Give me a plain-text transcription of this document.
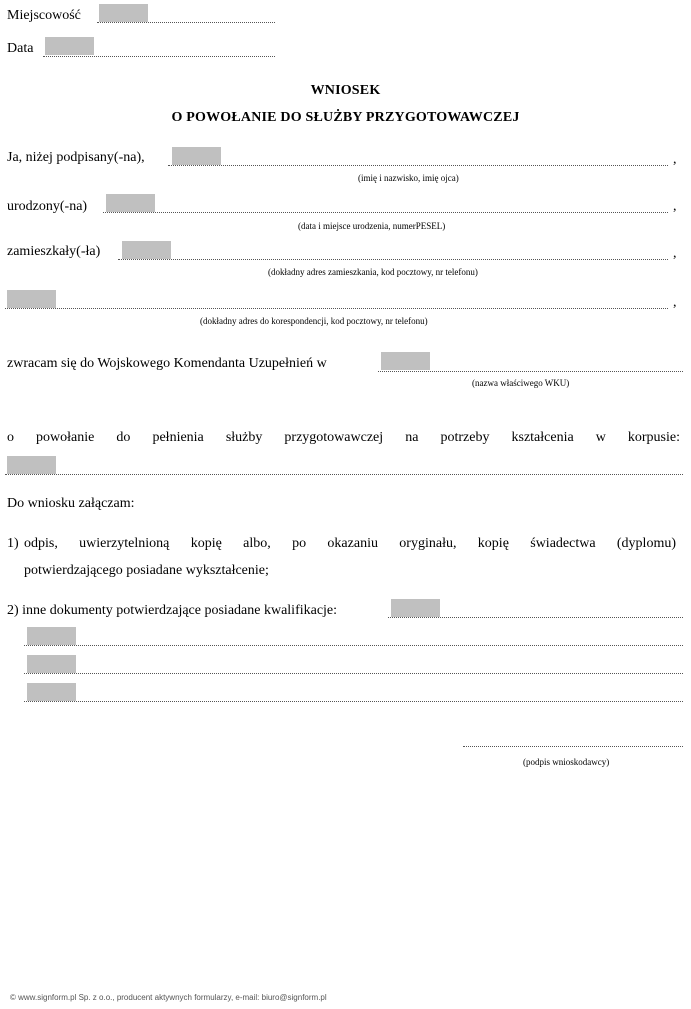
Miejscowość
Data
WNIOSEK
O POWOŁANIE DO SŁUŻBY PRZYGOTOWAWCZEJ
Ja, niżej podpisany(-na),	,
(imię i nazwisko, imię ojca)
urodzony(-na)	,
(data i miejsce urodzenia, numerPESEL)
zamieszkały(-ła)	,
(dokładny adres zamieszkania, kod pocztowy, nr telefonu)
,
(dokładny adres do korespondencji, kod pocztowy, nr telefonu)
zwracam się do Wojskowego Komendanta Uzupełnień w
(nazwa właściwego WKU)
o powołanie do pełnienia służby przygotowawczej na potrzeby kształcenia w korpusie:
Do wniosku załączam:
1) odpis, uwierzytelnioną kopię albo, po okazaniu oryginału, kopię świadectwa (dyplomu)
potwierdzającego posiadane wykształcenie;
2) inne dokumenty potwierdzające posiadane kwalifikacje:
(podpis wnioskodawcy)
© www.signform.pl Sp. z o.o., producent aktywnych formularzy, e-mail: biuro@signform.pl
